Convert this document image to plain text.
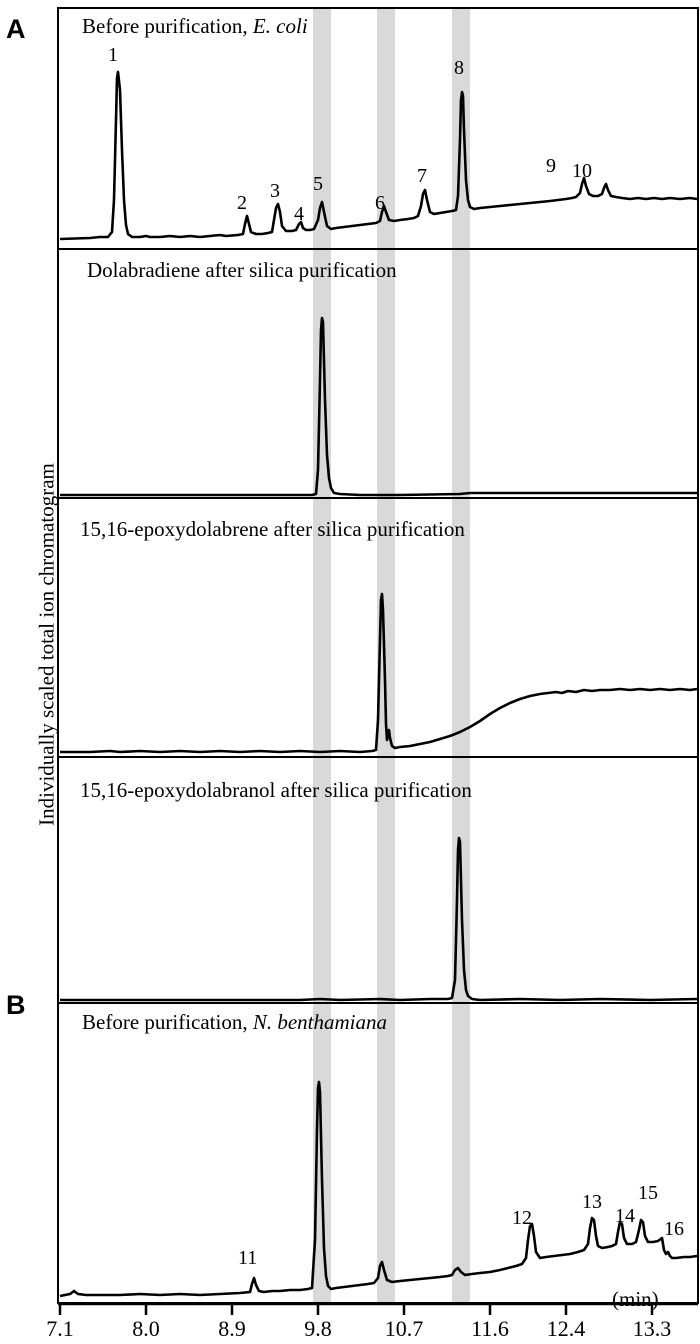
A
B
Individually scaled total ion chromatogram
Before purification, E. coli
Dolabradiene after silica purification
15,16-epoxydolabrene after silica purification
15,16-epoxydolabranol after silica purification
Before purification, N. benthamiana
1
2
3
4
5
6
7
8
9 10
11
12
13
14
15
16
7.1	8.0	8.9	9.8	10.7	11.6	12.4	13.3
(min)
